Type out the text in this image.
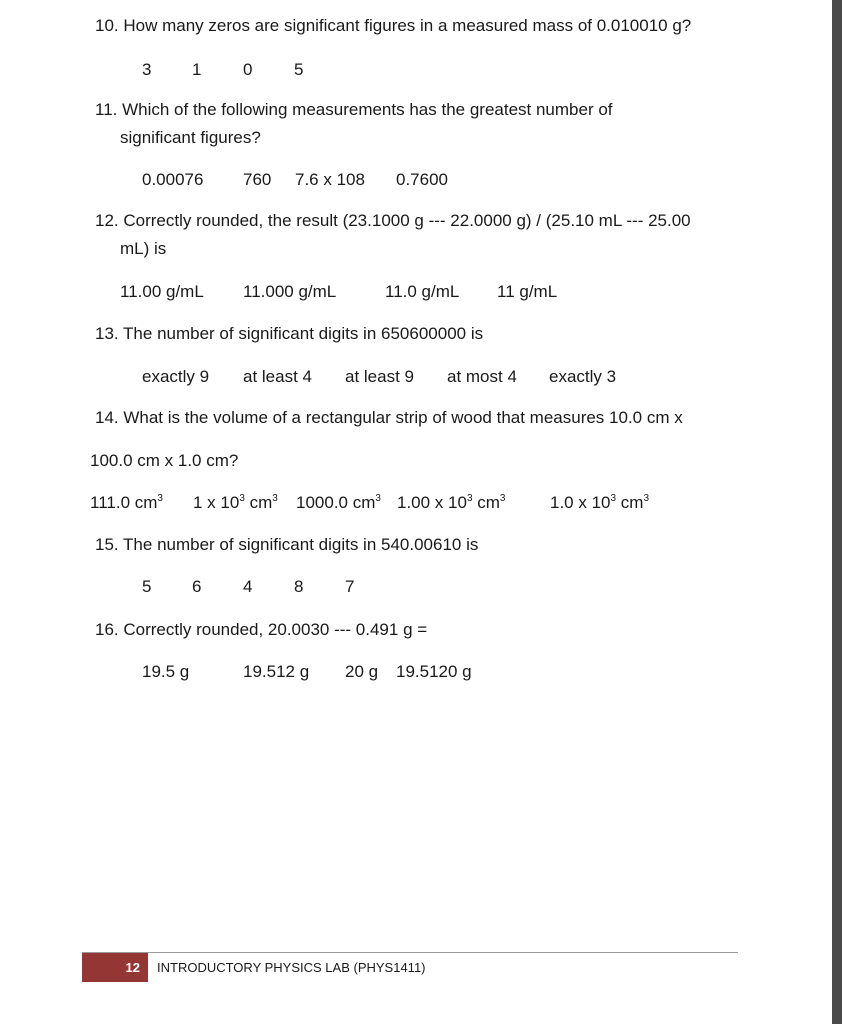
10. How many zeros are significant figures in a measured mass of 0.010010 g?
3 1 0 5
11. Which of the following measurements has the greatest number of
significant figures?
0.00076 760 7.6 x 108 0.7600
12. Correctly rounded, the result (23.1000 g --- 22.0000 g) / (25.10 mL --- 25.00
mL) is
11.00 g/mL 11.000 g/mL	11.0 g/mL 11 g/mL
13. The number of significant digits in 650600000 is
exactly 9 at least 4 at least 9 at most 4 exactly 3
14. What is the volume of a rectangular strip of wood that measures 10.0 cm x
100.0 cm x 1.0 cm?
111.0 $cm^3$ 1 x $10^3$ $cm^3$ 1000.0 $cm^3$ 1.00 x $10^3$ $cm^3$	1.0 x $10^3$ $cm^3$
15. The number of significant digits in 540.00610 is
5 6 4 8 7
16. Correctly rounded, 20.0030 --- 0.491 g =
19.5 g	19.512 g 20 g 19.5120 g
12	INTRODUCTORY PHYSICS LAB (PHYS1411)
